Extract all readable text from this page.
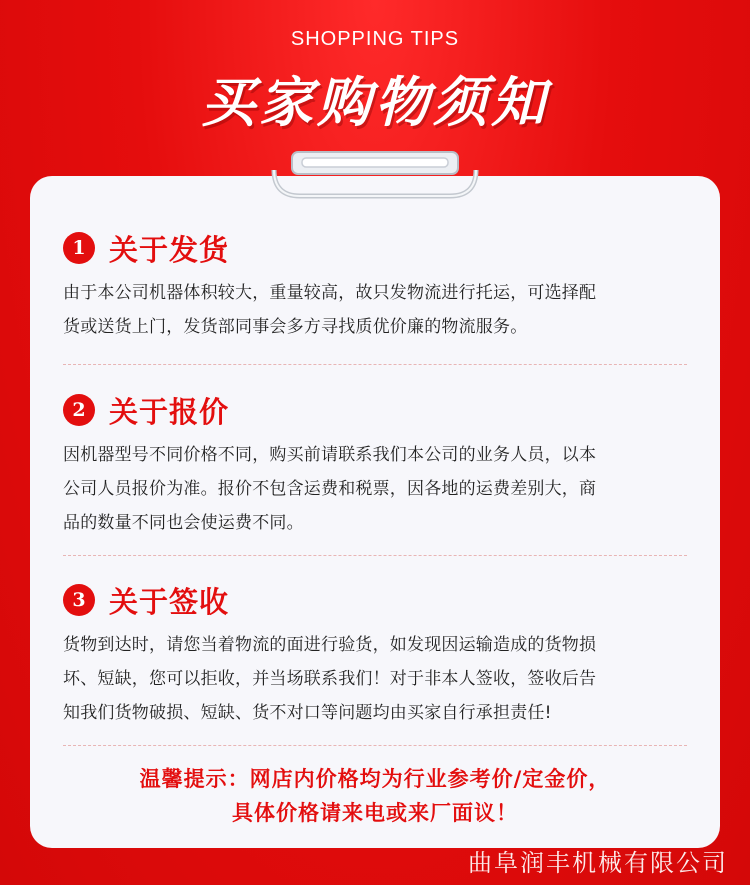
SHOPPING TIPS
买家购物须知
1 关于发货
由于本公司机器体积较大，重量较高，故只发物流进行托运，可选择配
货或送货上门，发货部同事会多方寻找质优价廉的物流服务。
2 关于报价
因机器型号不同价格不同，购买前请联系我们本公司的业务人员，以本
公司人员报价为准。报价不包含运费和税票，因各地的运费差别大，商
品的数量不同也会使运费不同。
3 关于签收
货物到达时，请您当着物流的面进行验货，如发现因运输造成的货物损
坏、短缺，您可以拒收，并当场联系我们！对于非本人签收，签收后告
知我们货物破损、短缺、货不对口等问题均由买家自行承担责任!
温馨提示：网店内价格均为行业参考价/定金价，
具体价格请来电或来厂面议！
曲阜润丰机械有限公司
